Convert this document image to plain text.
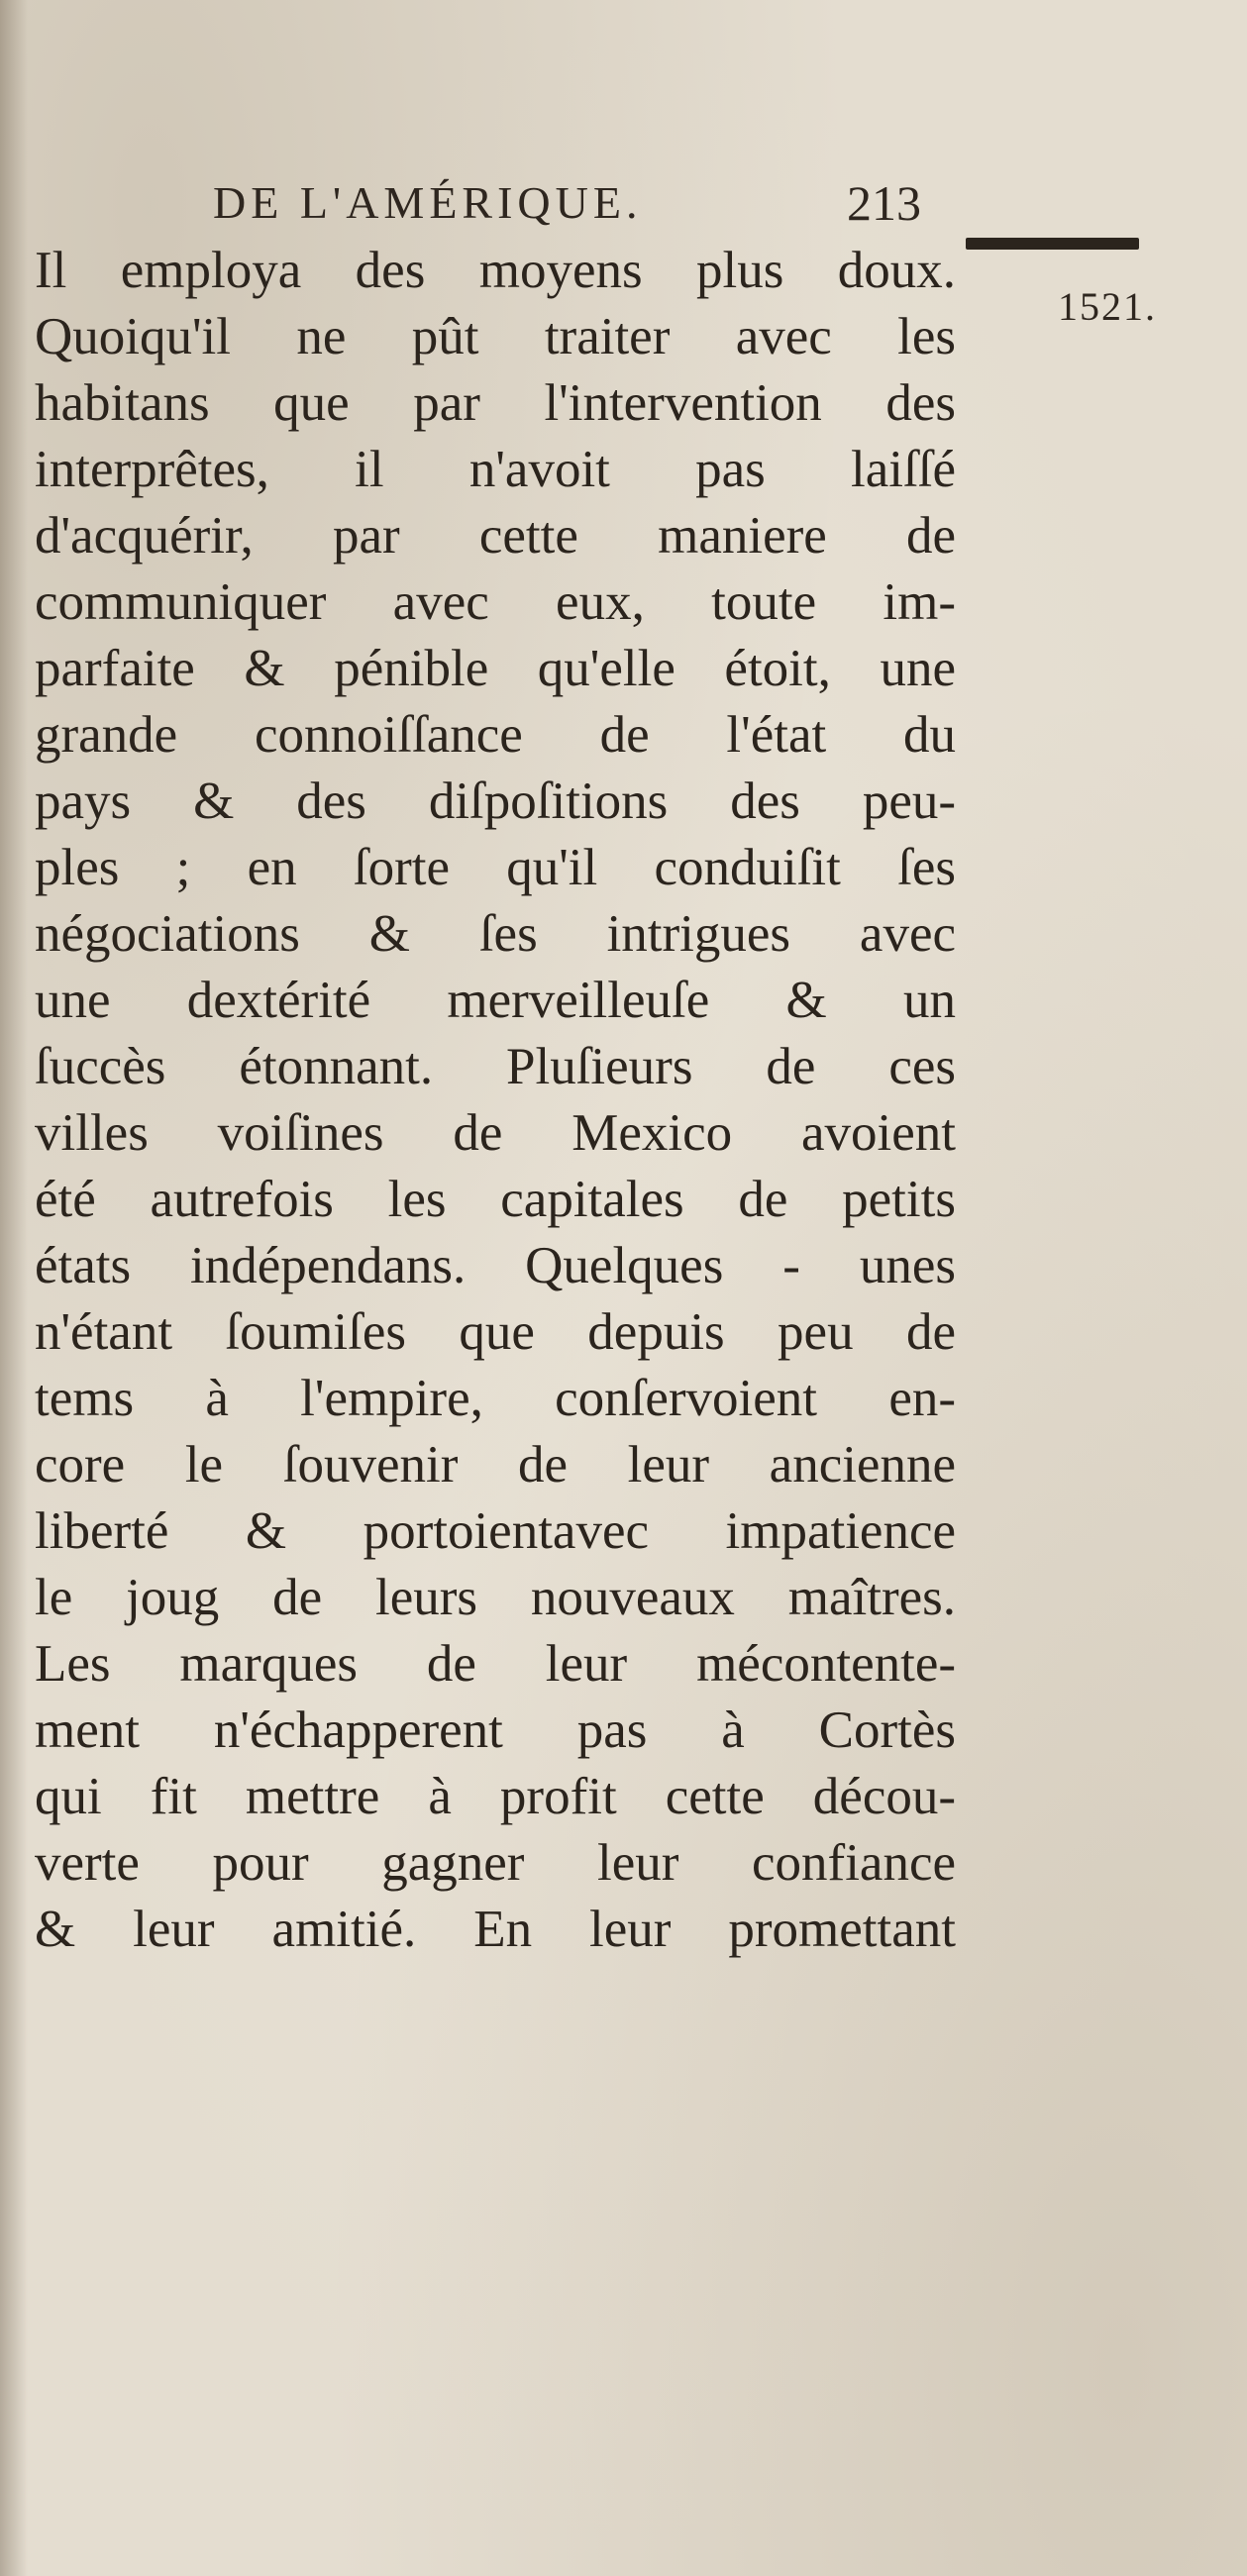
DE L'AMÉRIQUE.	213
1521.
Il employa des moyens plus doux.
Quoiqu'il ne pût traiter avec les
habitans que par l'intervention des
interprêtes, il n'avoit pas laiſſé
d'acquérir, par cette maniere de
communiquer avec eux, toute im-
parfaite & pénible qu'elle étoit, une
grande connoiſſance de l'état du
pays & des diſpoſitions des peu-
ples ; en ſorte qu'il conduiſit ſes
négociations & ſes intrigues avec
une dextérité merveilleuſe & un
ſuccès étonnant. Pluſieurs de ces
villes voiſines de Mexico avoient
été autrefois les capitales de petits
états indépendans. Quelques - unes
n'étant ſoumiſes que depuis peu de
tems à l'empire, conſervoient en-
core le ſouvenir de leur ancienne
liberté & portoientavec impatience
le joug de leurs nouveaux maîtres.
Les marques de leur mécontente-
ment n'échapperent pas à Cortès
qui fit mettre à profit cette décou-
verte pour gagner leur confiance
& leur amitié. En leur promettant
